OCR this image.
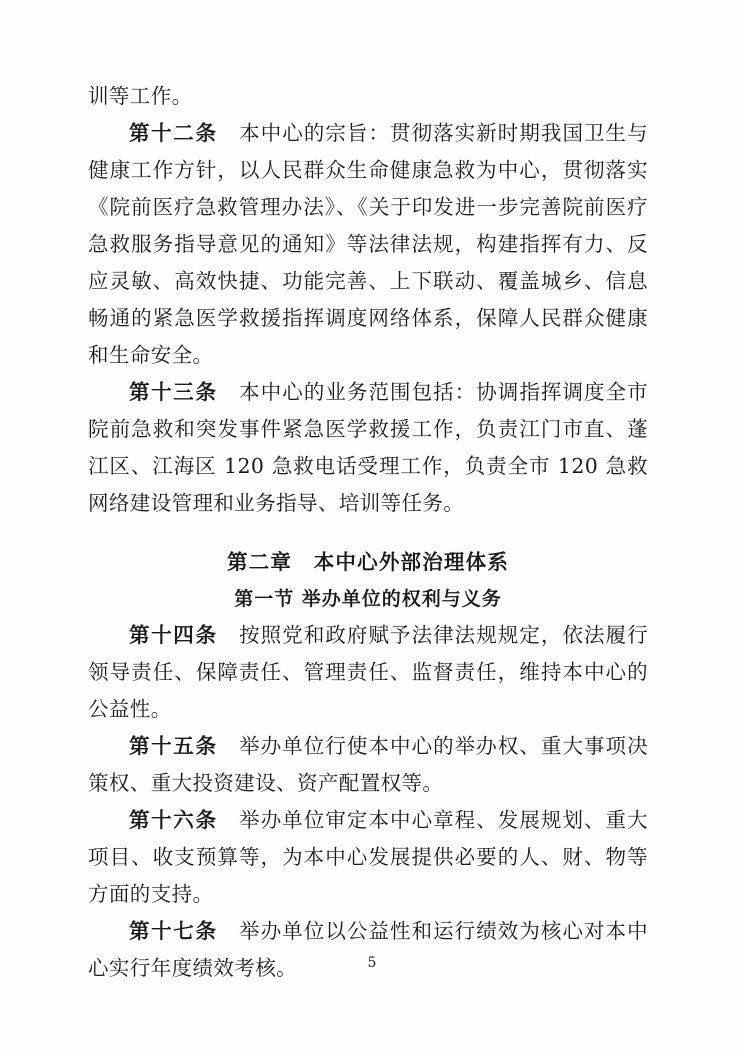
训等工作。

第十二条　 本中心的宗旨：贯彻落实新时期我国卫生与健康工作方针，以人民群众生命健康急救为中心，贯彻落实《院前医疗急救管理办法》、《关于印发进一步完善院前医疗急救服务指导意见的通知》等法律法规，构建指挥有力、反应灵敏、高效快捷、功能完善、上下联动、覆盖城乡、信息畅通的紧急医学救援指挥调度网络体系，保障人民群众健康和生命安全。

第十三条　 本中心的业务范围包括：协调指挥调度全市院前急救和突发事件紧急医学救援工作，负责江门市直、蓬江区、江海区 120 急救电话受理工作，负责全市 120 急救网络建设管理和业务指导、培训等任务。

第二章　本中心外部治理体系

第一节 举办单位的权利与义务

第十四条　 按照党和政府赋予法律法规规定，依法履行领导责任、保障责任、管理责任、监督责任，维持本中心的公益性。

第十五条　 举办单位行使本中心的举办权、重大事项决策权、重大投资建设、资产配置权等。

第十六条　 举办单位审定本中心章程、发展规划、重大项目、收支预算等，为本中心发展提供必要的人、财、物等方面的支持。

第十七条　 举办单位以公益性和运行绩效为核心对本中心实行年度绩效考核。	5
